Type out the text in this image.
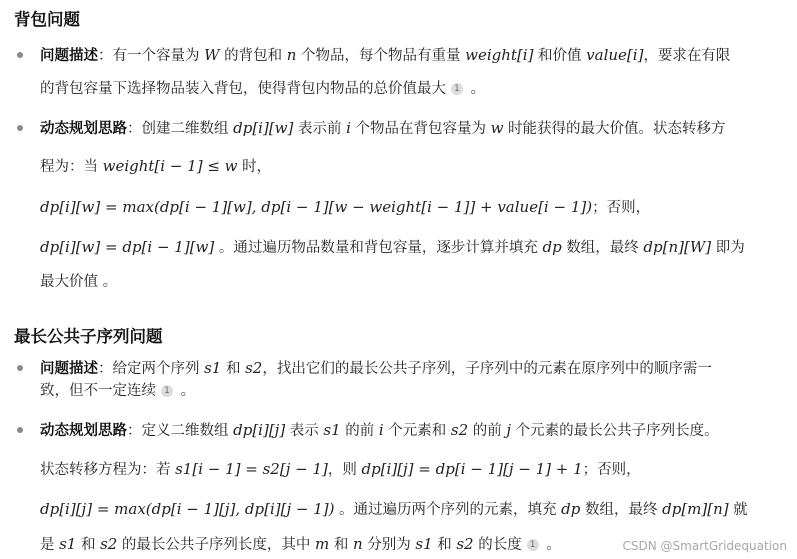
背包问题
问题描述：有一个容量为 W 的背包和 n 个物品，每个物品有重量 weight[i] 和价值 value[i]，要求在有限
的背包容量下选择物品装入背包，使得背包内物品的总价值最大 1 。
动态规划思路：创建二维数组 dp[i][w] 表示前 i 个物品在背包容量为 w 时能获得的最大价值。状态转移方
程为：当 weight[i − 1] ≤ w 时，
dp[i][w] = max(dp[i − 1][w], dp[i − 1][w − weight[i − 1]] + value[i − 1])；否则，
dp[i][w] = dp[i − 1][w] 。通过遍历物品数量和背包容量，逐步计算并填充 dp 数组，最终 dp[n][W] 即为
最大价值 。
最长公共子序列问题
问题描述：给定两个序列 s1 和 s2，找出它们的最长公共子序列，子序列中的元素在原序列中的顺序需一
致，但不一定连续 1 。
动态规划思路：定义二维数组 dp[i][j] 表示 s1 的前 i 个元素和 s2 的前 j 个元素的最长公共子序列长度。
状态转移方程为：若 s1[i − 1] = s2[j − 1]，则 dp[i][j] = dp[i − 1][j − 1] + 1；否则，
dp[i][j] = max(dp[i − 1][j], dp[i][j − 1]) 。通过遍历两个序列的元素，填充 dp 数组，最终 dp[m][n] 就
是 s1 和 s2 的最长公共子序列长度，其中 m 和 n 分别为 s1 和 s2 的长度 1 。	CSDN @SmartGridequation
